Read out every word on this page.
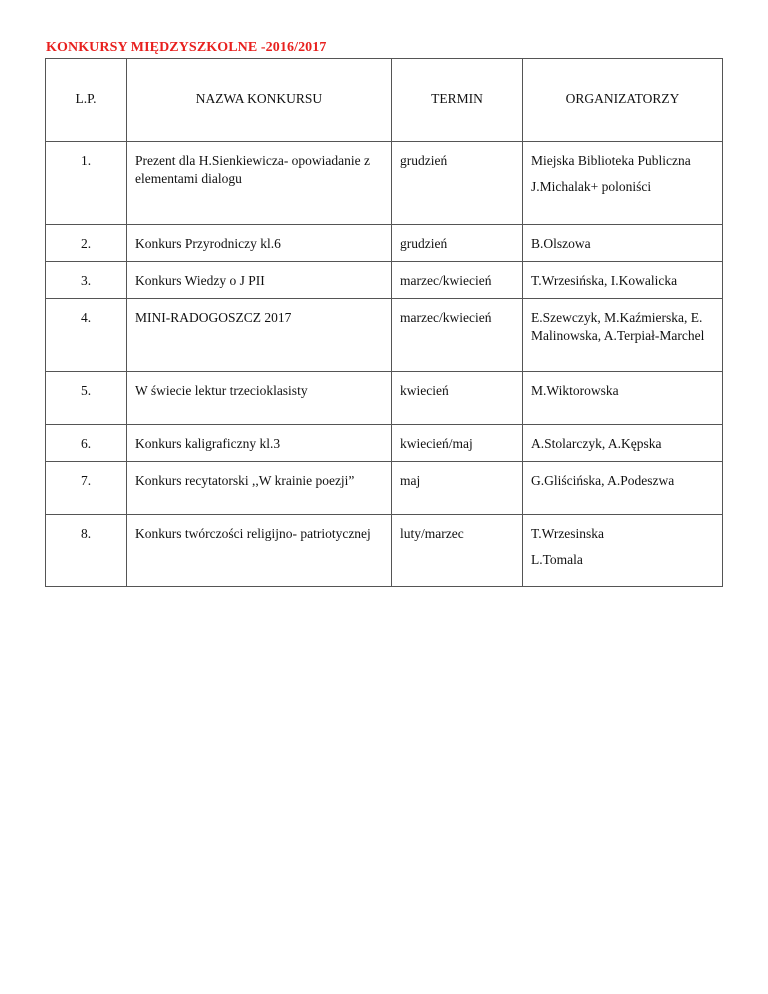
KONKURSY MIĘDZYSZKOLNE -2016/2017
L.P.	NAZWA KONKURSU	TERMIN	ORGANIZATORZY

1.	Prezent dla H.Sienkiewicza- opowiadanie z elementami dialogu	grudzień	Miejska Biblioteka Publiczna
J.Michalak+ poloniści

2.	Konkurs Przyrodniczy kl.6	grudzień	B.Olszowa
3.	Konkurs Wiedzy o J PII	marzec/kwiecień	T.Wrzesińska, I.Kowalicka
4.	MINI-RADOGOSZCZ 2017	marzec/kwiecień	E.Szewczyk, M.Kaźmierska, E. Malinowska, A.Terpiał-Marchel
5.	W świecie lektur trzecioklasisty	kwiecień	M.Wiktorowska
6.	Konkurs kaligraficzny kl.3	kwiecień/maj	A.Stolarczyk, A.Kępska
7.	Konkurs recytatorski ,,W krainie poezji”	maj	G.Gliścińska, A.Podeszwa
8.	Konkurs twórczości religijno- patriotycznej	luty/marzec	T.Wrzesinska
L.Tomala
